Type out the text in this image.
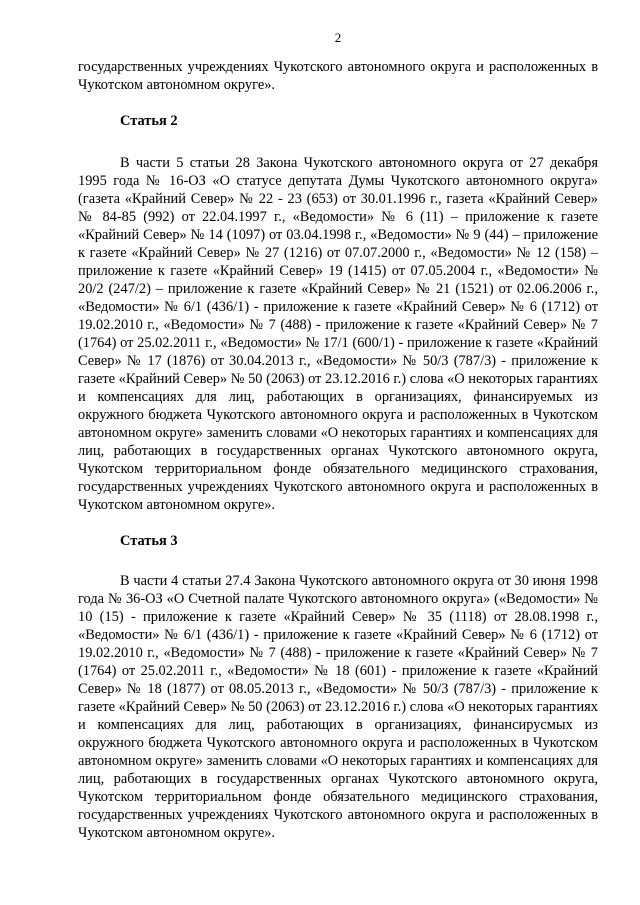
2

государственных учреждениях Чукотского автономного округа и расположенных в Чукотском автономном округе».

Статья 2

В части 5 статьи 28 Закона Чукотского автономного округа от 27 декабря 1995 года № 16-ОЗ «О статусе депутата Думы Чукотского автономного округа» (газета «Крайний Север» № 22 - 23 (653) от 30.01.1996 г., газета «Крайний Север» № 84-85 (992) от 22.04.1997 г., «Ведомости» № 6 (11) – приложение к газете «Крайний Север» № 14 (1097) от 03.04.1998 г., «Ведомости» № 9 (44) – приложение к газете «Крайний Север» № 27 (1216) от 07.07.2000 г., «Ведомости» № 12 (158) – приложение к газете «Крайний Север» 19 (1415) от 07.05.2004 г., «Ведомости» № 20/2 (247/2) – приложение к газете «Крайний Север» № 21 (1521) от 02.06.2006 г., «Ведомости» № 6/1 (436/1) - приложение к газете «Крайний Север» № 6 (1712) от 19.02.2010 г., «Ведомости» № 7 (488) - приложение к газете «Крайний Север» № 7 (1764) от 25.02.2011 г., «Ведомости» № 17/1 (600/1) - приложение к газете «Крайний Север» № 17 (1876) от 30.04.2013 г., «Ведомости» № 50/3 (787/3) - приложение к газете «Крайний Север» № 50 (2063) от 23.12.2016 г.) слова «О некоторых гарантиях и компенсациях для лиц, работающих в организациях, финансируемых из окружного бюджета Чукотского автономного округа и расположенных в Чукотском автономном округе» заменить словами «О некоторых гарантиях и компенсациях для лиц, работающих в государственных органах Чукотского автономного округа, Чукотском территориальном фонде обязательного медицинского страхования, государственных учреждениях Чукотского автономного округа и расположенных в Чукотском автономном округе».

Статья 3

В части 4 статьи 27.4 Закона Чукотского автономного округа от 30 июня 1998 года № 36-ОЗ «О Счетной палате Чукотского автономного округа» («Ведомости» № 10 (15) - приложение к газете «Крайний Север» № 35 (1118) от 28.08.1998 г., «Ведомости» № 6/1 (436/1) - приложение к газете «Крайний Север» № 6 (1712) от 19.02.2010 г., «Ведомости» № 7 (488) - приложение к газете «Крайний Север» № 7 (1764) от 25.02.2011 г., «Ведомости» № 18 (601) - приложение к газете «Крайний Север» № 18 (1877) от 08.05.2013 г., «Ведомости» № 50/3 (787/3) - приложение к газете «Крайний Север» № 50 (2063) от 23.12.2016 г.) слова «О некоторых гарантиях и компенсациях для лиц, работающих в организациях, финансирусмых из окружного бюджета Чукотского автономного округа и расположенных в Чукотском автономном округе» заменить словами «О некоторых гарантиях и компенсациях для лиц, работающих в государственных органах Чукотского автономного округа, Чукотском территориальном фонде обязательного медицинского страхования, государственных учреждениях Чукотского автономного округа и расположенных в Чукотском автономном округе».
